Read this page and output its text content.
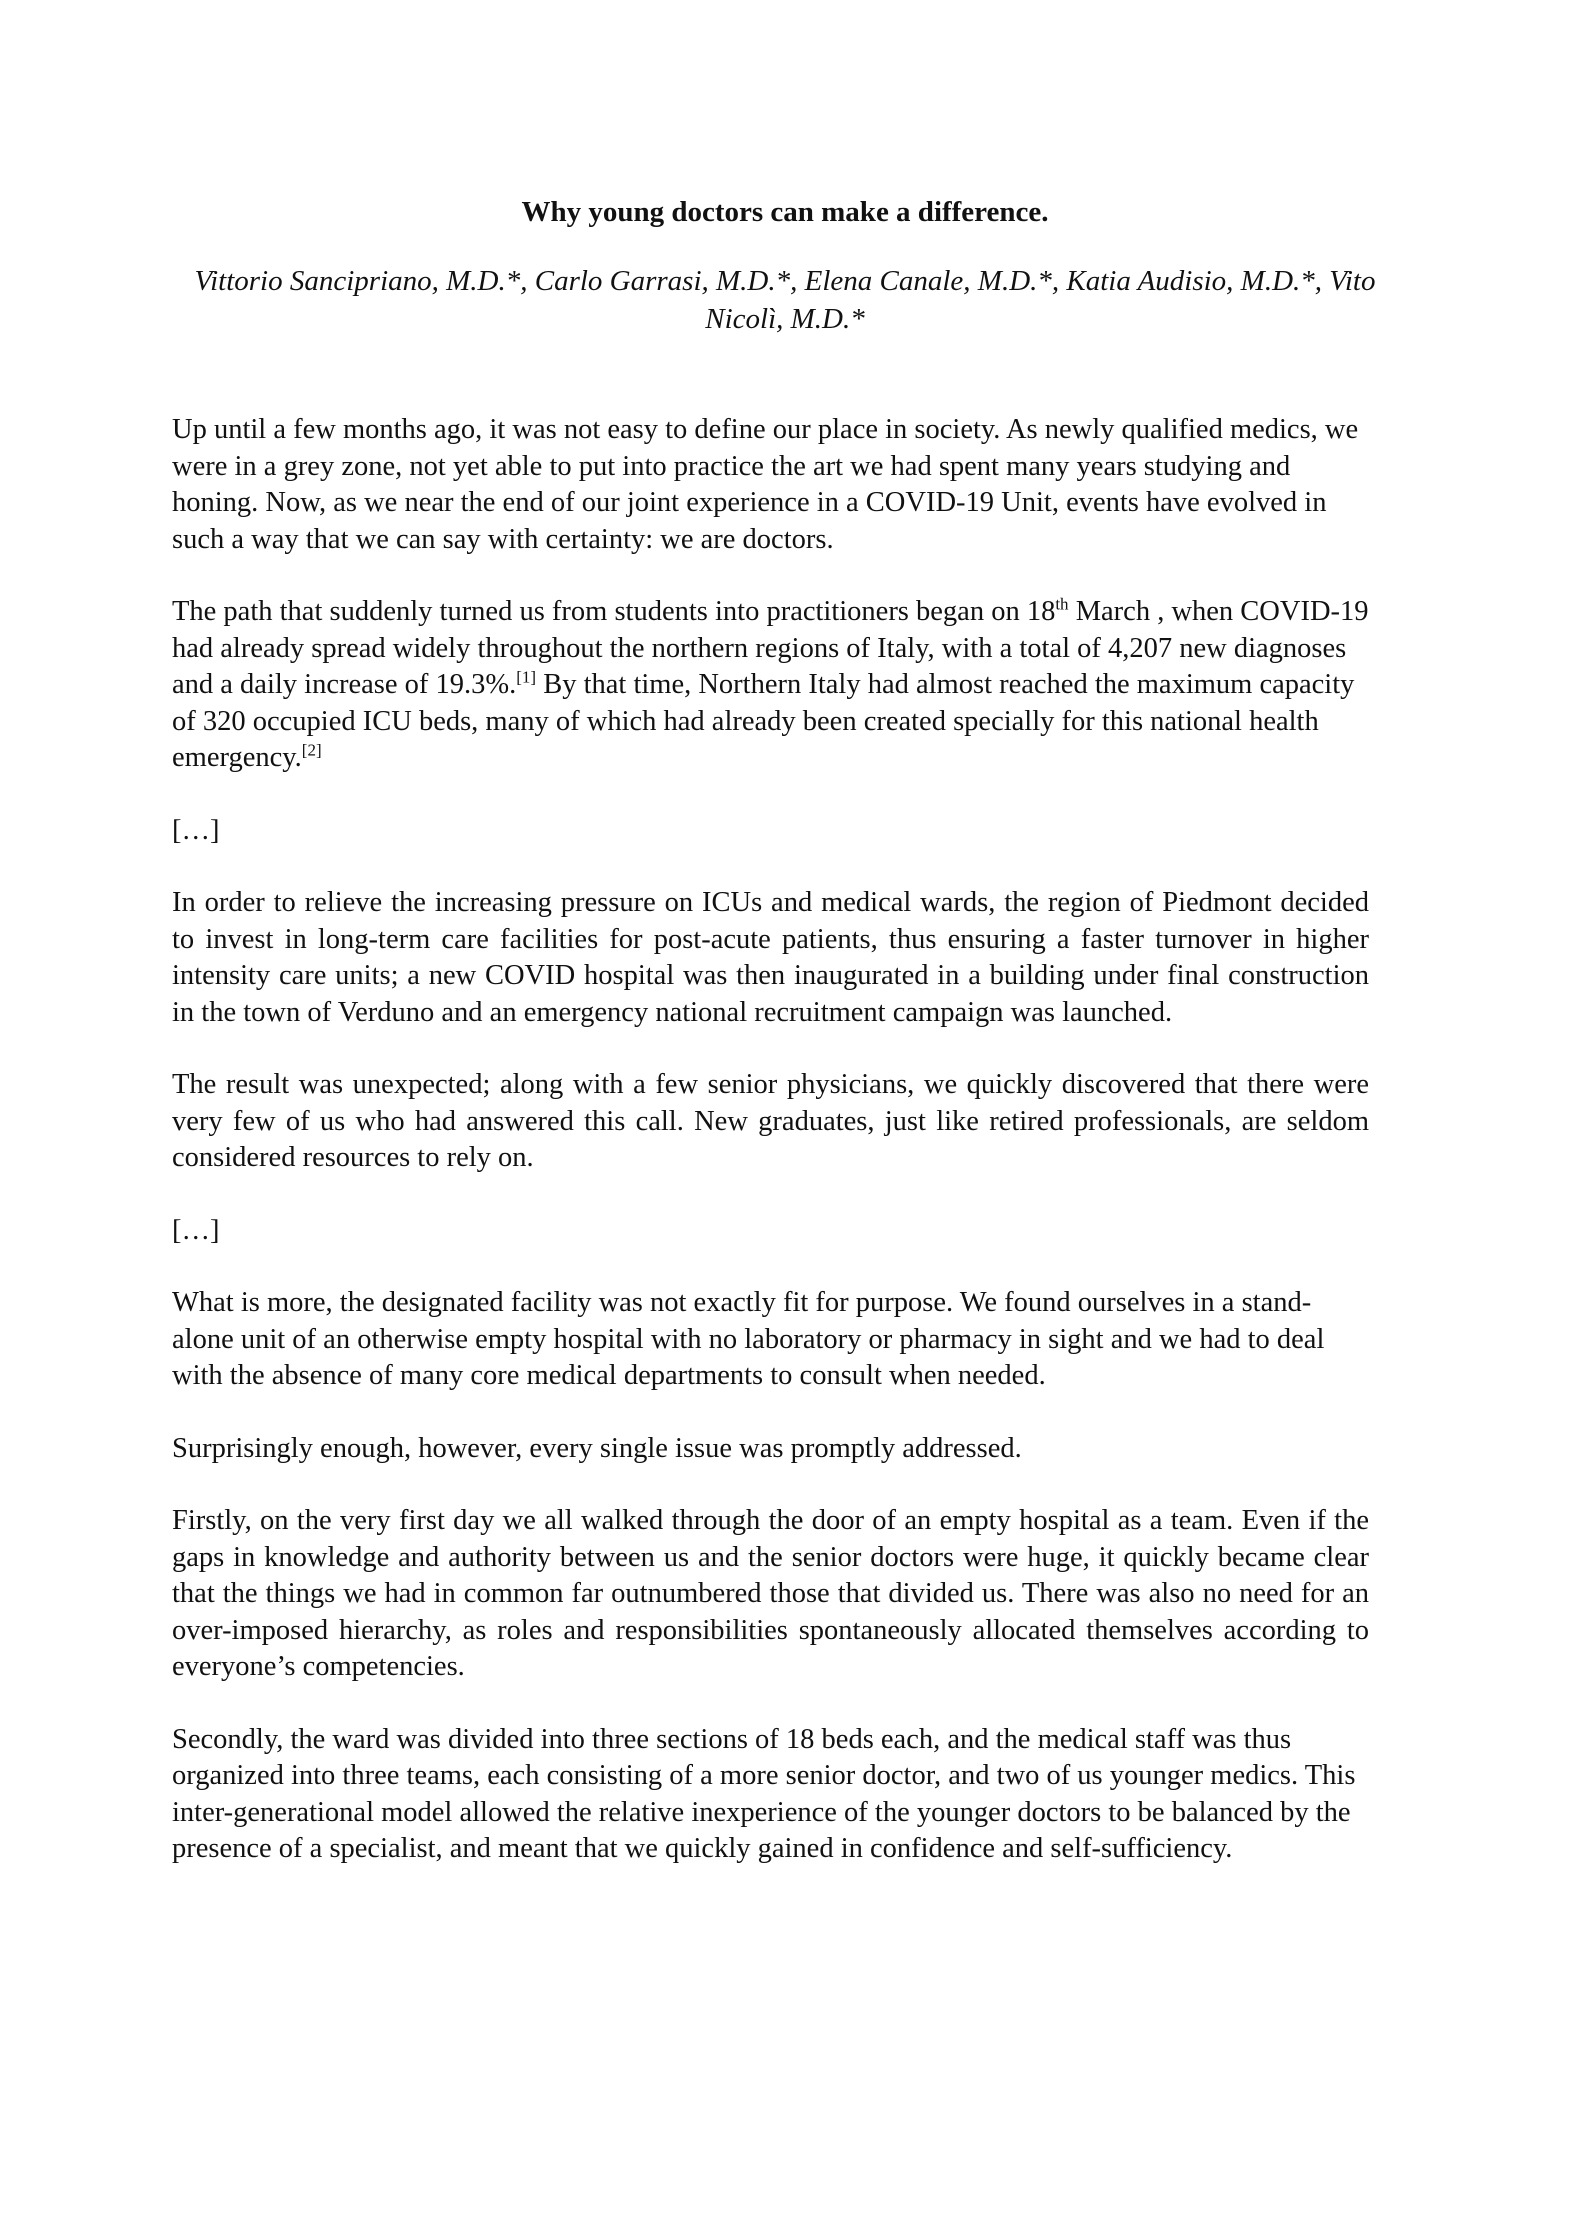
Why young doctors can make a difference.

Vittorio Sancipriano, M.D.*, Carlo Garrasi, M.D.*, Elena Canale, M.D.*, Katia Audisio, M.D.*, Vito Nicolì, M.D.*

Up until a few months ago, it was not easy to define our place in society. As newly qualified medics, we were in a grey zone, not yet able to put into practice the art we had spent many years studying and honing. Now, as we near the end of our joint experience in a COVID-19 Unit, events have evolved in such a way that we can say with certainty: we are doctors.

The path that suddenly turned us from students into practitioners began on 18th March , when COVID-19 had already spread widely throughout the northern regions of Italy, with a total of 4,207 new diagnoses and a daily increase of 19.3%.[1] By that time, Northern Italy had almost reached the maximum capacity of 320 occupied ICU beds, many of which had already been created specially for this national health emergency.[2]

[…]

In order to relieve the increasing pressure on ICUs and medical wards, the region of Piedmont decided to invest in long-term care facilities for post-acute patients, thus ensuring a faster turnover in higher intensity care units; a new COVID hospital was then inaugurated in a building under final construction in the town of Verduno and an emergency national recruitment campaign was launched.

The result was unexpected; along with a few senior physicians, we quickly discovered that there were very few of us who had answered this call. New graduates, just like retired professionals, are seldom considered resources to rely on.

[…]

What is more, the designated facility was not exactly fit for purpose. We found ourselves in a stand-alone unit of an otherwise empty hospital with no laboratory or pharmacy in sight and we had to deal with the absence of many core medical departments to consult when needed.

Surprisingly enough, however, every single issue was promptly addressed.

Firstly, on the very first day we all walked through the door of an empty hospital as a team. Even if the gaps in knowledge and authority between us and the senior doctors were huge, it quickly became clear that the things we had in common far outnumbered those that divided us. There was also no need for an over-imposed hierarchy, as roles and responsibilities spontaneously allocated themselves according to everyone’s competencies.

Secondly, the ward was divided into three sections of 18 beds each, and the medical staff was thus organized into three teams, each consisting of a more senior doctor, and two of us younger medics. This inter-generational model allowed the relative inexperience of the younger doctors to be balanced by the presence of a specialist, and meant that we quickly gained in confidence and self-sufficiency.
